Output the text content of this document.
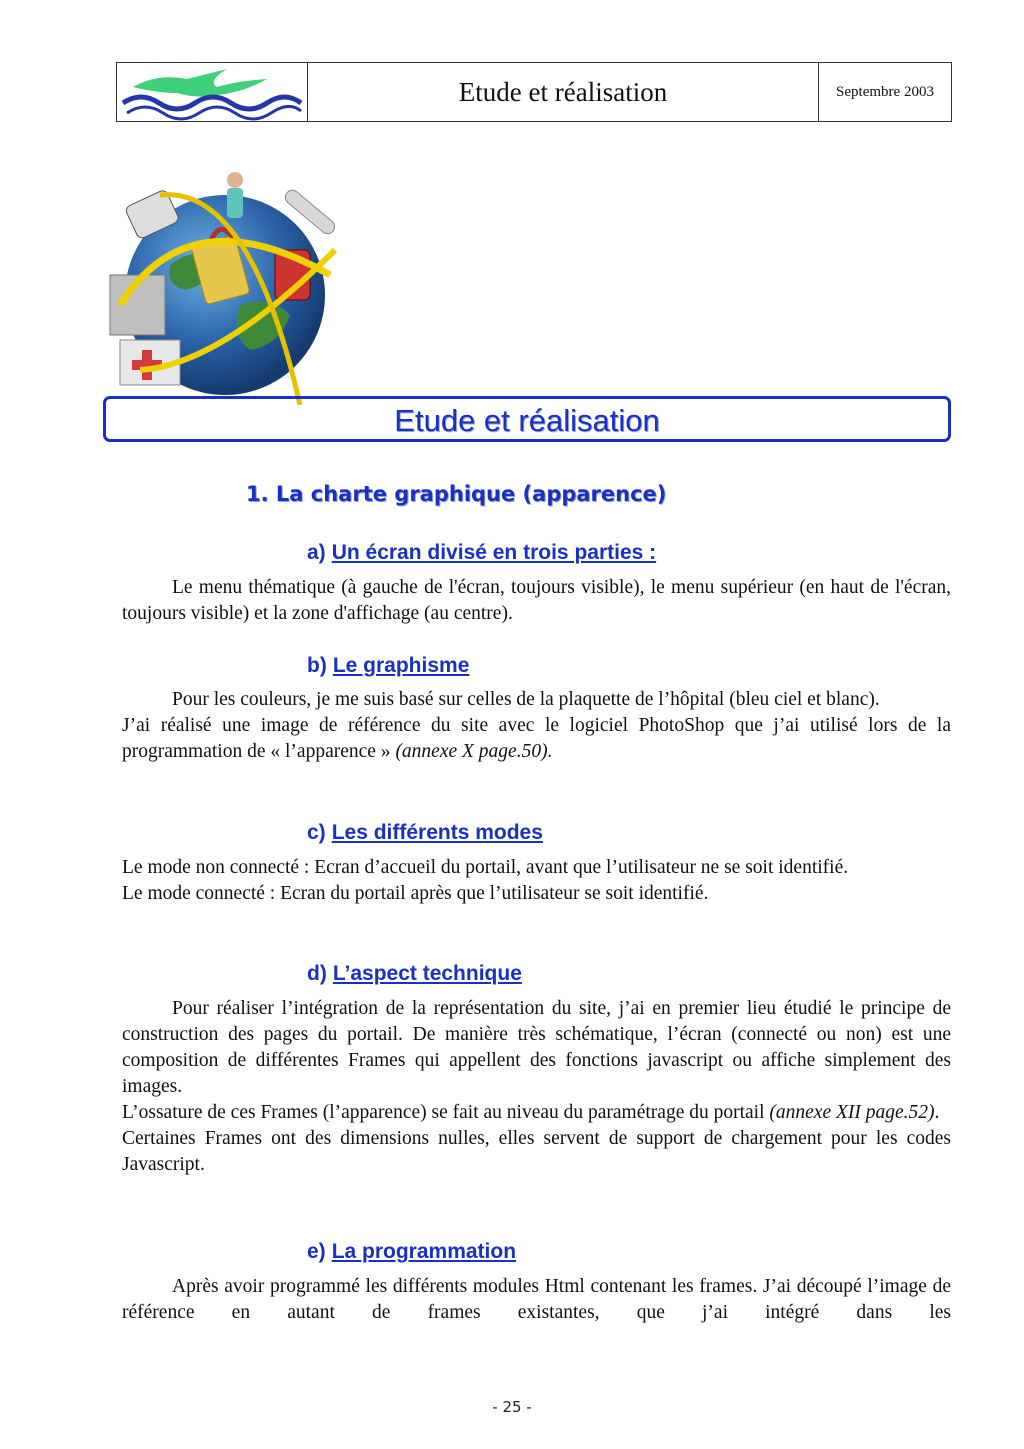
Etude et réalisation	Septembre 2003
Etude et réalisation
1. La charte graphique (apparence)
a) Un écran divisé en trois parties :

Le menu thématique (à gauche de l'écran, toujours visible), le menu supérieur (en haut de l'écran, toujours visible) et la zone d'affichage (au centre).

b) Le graphisme

Pour les couleurs, je me suis basé sur celles de la plaquette de l’hôpital (bleu ciel et blanc).

J’ai réalisé une image de référence du site avec le logiciel PhotoShop que j’ai utilisé lors de la programmation de « l’apparence » (annexe X page.50).

c) Les différents modes

Le mode non connecté : Ecran d’accueil du portail, avant que l’utilisateur ne se soit identifié.

Le mode connecté : Ecran du portail après que l’utilisateur se soit identifié.

d) L’aspect technique

Pour réaliser l’intégration de la représentation du site, j’ai en premier lieu étudié le principe de construction des pages du portail. De manière très schématique, l’écran (connecté ou non) est une composition de différentes Frames qui appellent des fonctions javascript ou affiche simplement des images.

L’ossature de ces Frames (l’apparence) se fait au niveau du paramétrage du portail (annexe XII page.52).

Certaines Frames ont des dimensions nulles, elles servent de support de chargement pour les codes Javascript.

e) La programmation

Après avoir programmé les différents modules Html contenant les frames. J’ai découpé l’image de référence en autant de frames existantes, que j’ai intégré dans les

- 25 -
